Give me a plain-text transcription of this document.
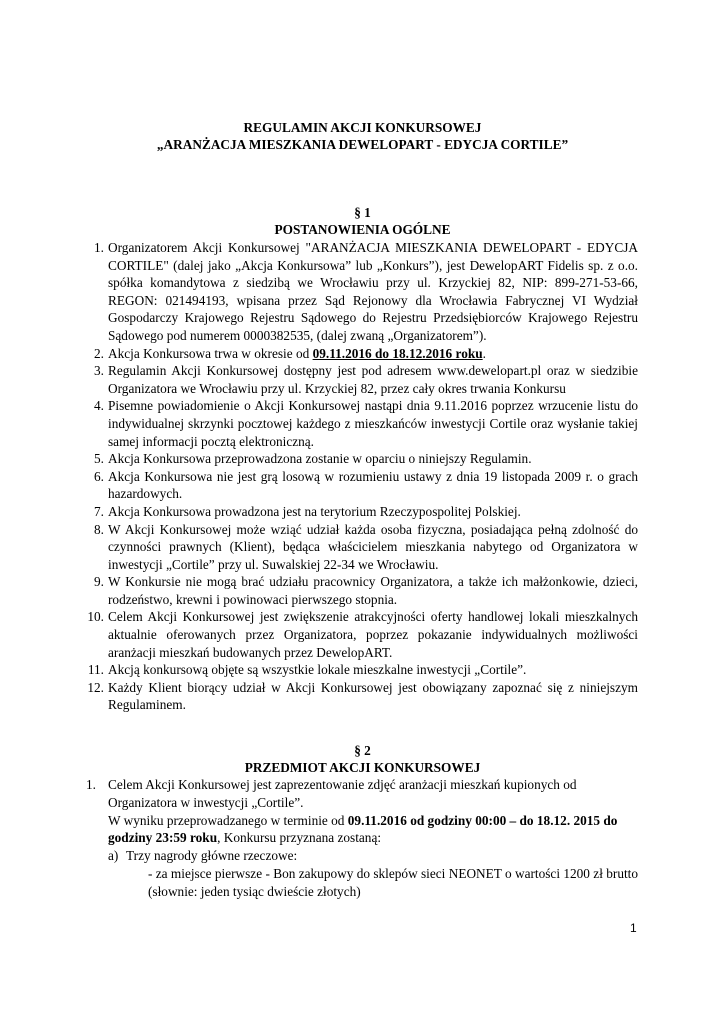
REGULAMIN AKCJI KONKURSOWEJ
„ARANŻACJA MIESZKANIA DEWELOPART - EDYCJA CORTILE”
§ 1
POSTANOWIENIA OGÓLNE
1. Organizatorem Akcji Konkursowej "ARANŻACJA MIESZKANIA DEWELOPART - EDYCJA CORTILE" (dalej jako „Akcja Konkursowa” lub „Konkurs”), jest DewelopART Fidelis sp. z o.o. spółka komandytowa z siedzibą we Wrocławiu przy ul. Krzyckiej 82, NIP: 899-271-53-66, REGON: 021494193, wpisana przez Sąd Rejonowy dla Wrocławia Fabrycznej VI Wydział Gospodarczy Krajowego Rejestru Sądowego do Rejestru Przedsiębiorców Krajowego Rejestru Sądowego pod numerem 0000382535, (dalej zwaną „Organizatorem”).
2. Akcja Konkursowa trwa w okresie od 09.11.2016 do 18.12.2016 roku.
3. Regulamin Akcji Konkursowej dostępny jest pod adresem www.dewelopart.pl oraz w siedzibie Organizatora we Wrocławiu przy ul. Krzyckiej 82, przez cały okres trwania Konkursu
4. Pisemne powiadomienie o Akcji Konkursowej nastąpi dnia 9.11.2016 poprzez wrzucenie listu do indywidualnej skrzynki pocztowej każdego z mieszkańców inwestycji Cortile oraz wysłanie takiej samej informacji pocztą elektroniczną.
5. Akcja Konkursowa przeprowadzona zostanie w oparciu o niniejszy Regulamin.
6. Akcja Konkursowa nie jest grą losową w rozumieniu ustawy z dnia 19 listopada 2009 r. o grach hazardowych.
7. Akcja Konkursowa prowadzona jest na terytorium Rzeczypospolitej Polskiej.
8. W Akcji Konkursowej może wziąć udział każda osoba fizyczna, posiadająca pełną zdolność do czynności prawnych (Klient), będąca właścicielem mieszkania nabytego od Organizatora w inwestycji „Cortile” przy ul. Suwalskiej 22-34 we Wrocławiu.
9. W Konkursie nie mogą brać udziału pracownicy Organizatora, a także ich małżonkowie, dzieci, rodzeństwo, krewni i powinowaci pierwszego stopnia.
10. Celem Akcji Konkursowej jest zwiększenie atrakcyjności oferty handlowej lokali mieszkalnych aktualnie oferowanych przez Organizatora, poprzez pokazanie indywidualnych możliwości aranżacji mieszkań budowanych przez DewelopART.
11. Akcją konkursową objęte są wszystkie lokale mieszkalne inwestycji „Cortile”.
12. Każdy Klient biorący udział w Akcji Konkursowej jest obowiązany zapoznać się z niniejszym Regulaminem.
§ 2
PRZEDMIOT AKCJI KONKURSOWEJ
1. Celem Akcji Konkursowej jest zaprezentowanie zdjęć aranżacji mieszkań kupionych od Organizatora w inwestycji „Cortile”.
W wyniku przeprowadzanego w terminie od 09.11.2016 od godziny 00:00 – do 18.12. 2015 do godziny 23:59 roku, Konkursu przyznana zostaną:
a) Trzy nagrody główne rzeczowe:
- za miejsce pierwsze - Bon zakupowy do sklepów sieci NEONET o wartości 1200 zł brutto (słownie: jeden tysiąc dwieście złotych)
1
